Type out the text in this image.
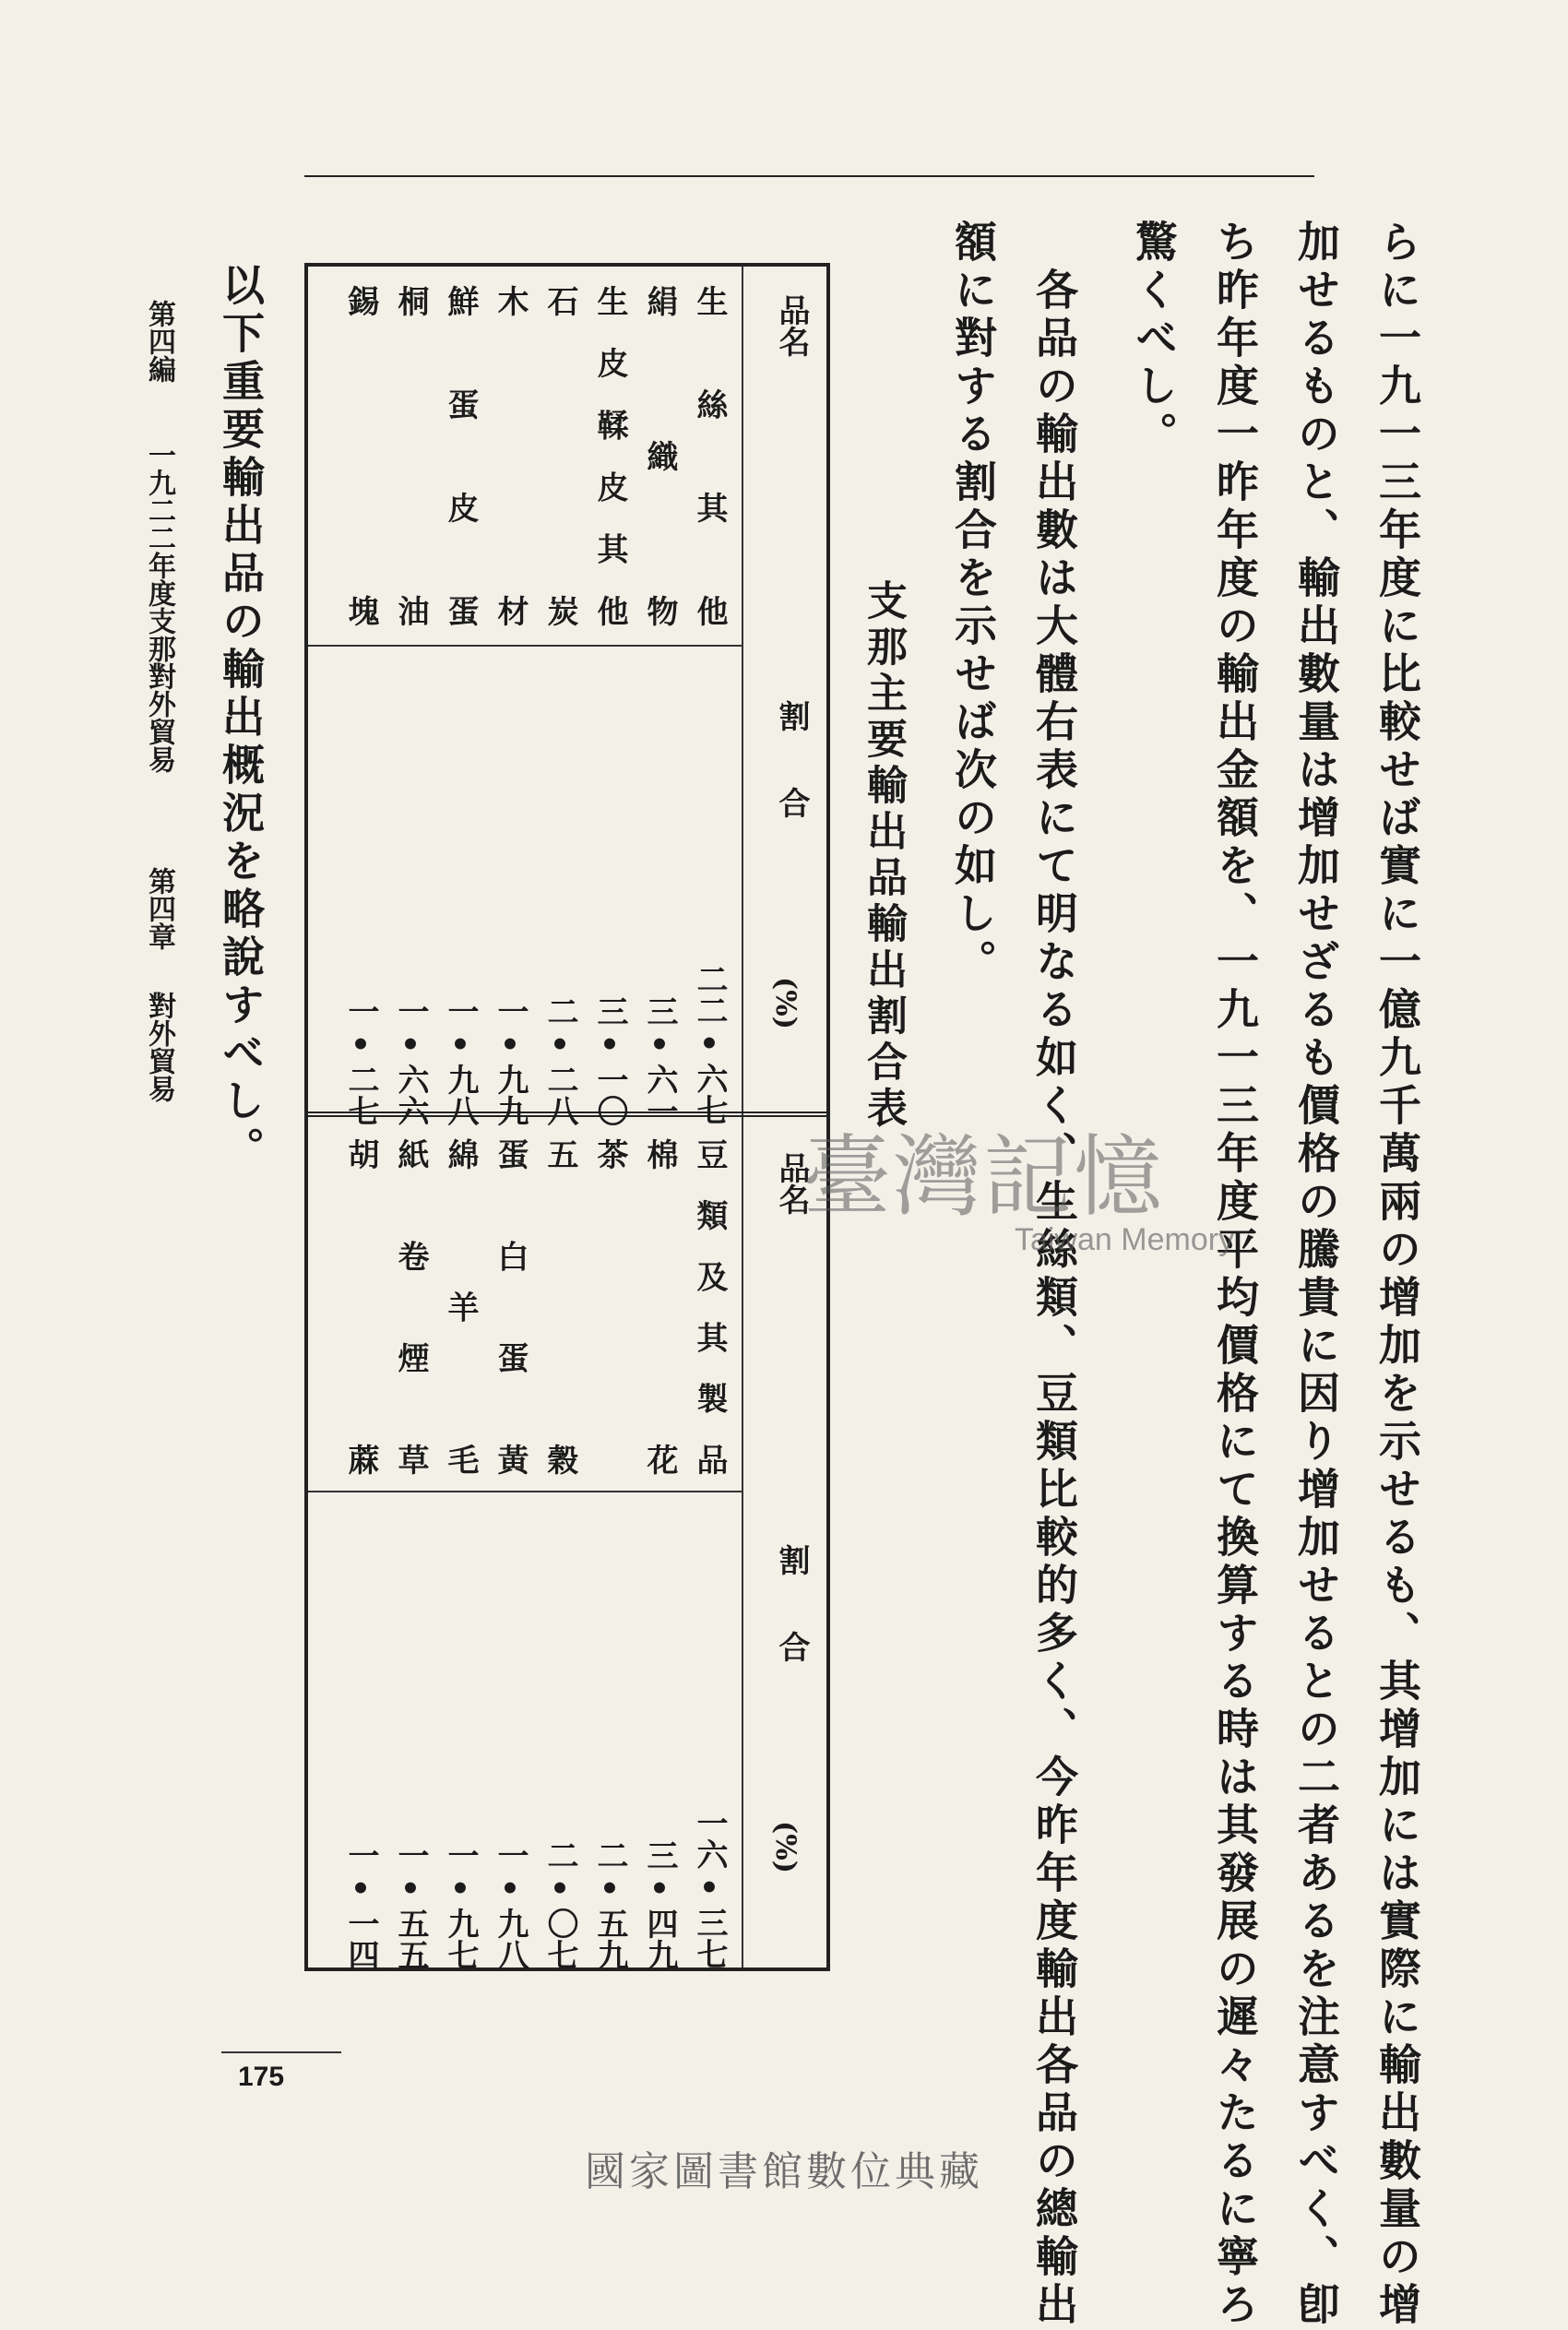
らに一九一三年度に比較せば實に一億九千萬兩の增加を示せるも、其增加には實際に輸出數量の增
加せるものと、輸出數量は增加せざるも價格の騰貴に因り增加せるとの二者あるを注意すべく、卽
ち昨年度一昨年度の輸出金額を、一九一三年度平均價格にて換算する時は其發展の遲々たるに寧ろ
驚くべし。
各品の輸出數は大體右表にて明なる如く、生絲類、豆類比較的多く、今昨年度輸出各品の總輸出
額に對する割合を示せば次の如し。
支那主要輸出品輸出割合表
品名
割合
(%)
品名
割合
(%)
生絲其他
絹織物
生皮鞣皮其他
石炭
木材
鮮蛋皮蛋
桐油
錫塊
二二•六七
三•六一
三•一〇
二•二八
一•九九
一•九八
一•六六
一•二七
豆類及其製品
棉花
茶
五穀
蛋白蛋黃
綿羊毛
紙卷煙草
胡蔴
一六•三七
三•四九
二•五九
二•〇七
一•九八
一•九七
一•五五
一•一四
以下重要輸出品の輸出概況を略說すべし。
第四編
一九二二年度支那對外貿易
第四章
對外貿易
175
臺灣記憶
Taiwan Memory
國家圖書館數位典藏
